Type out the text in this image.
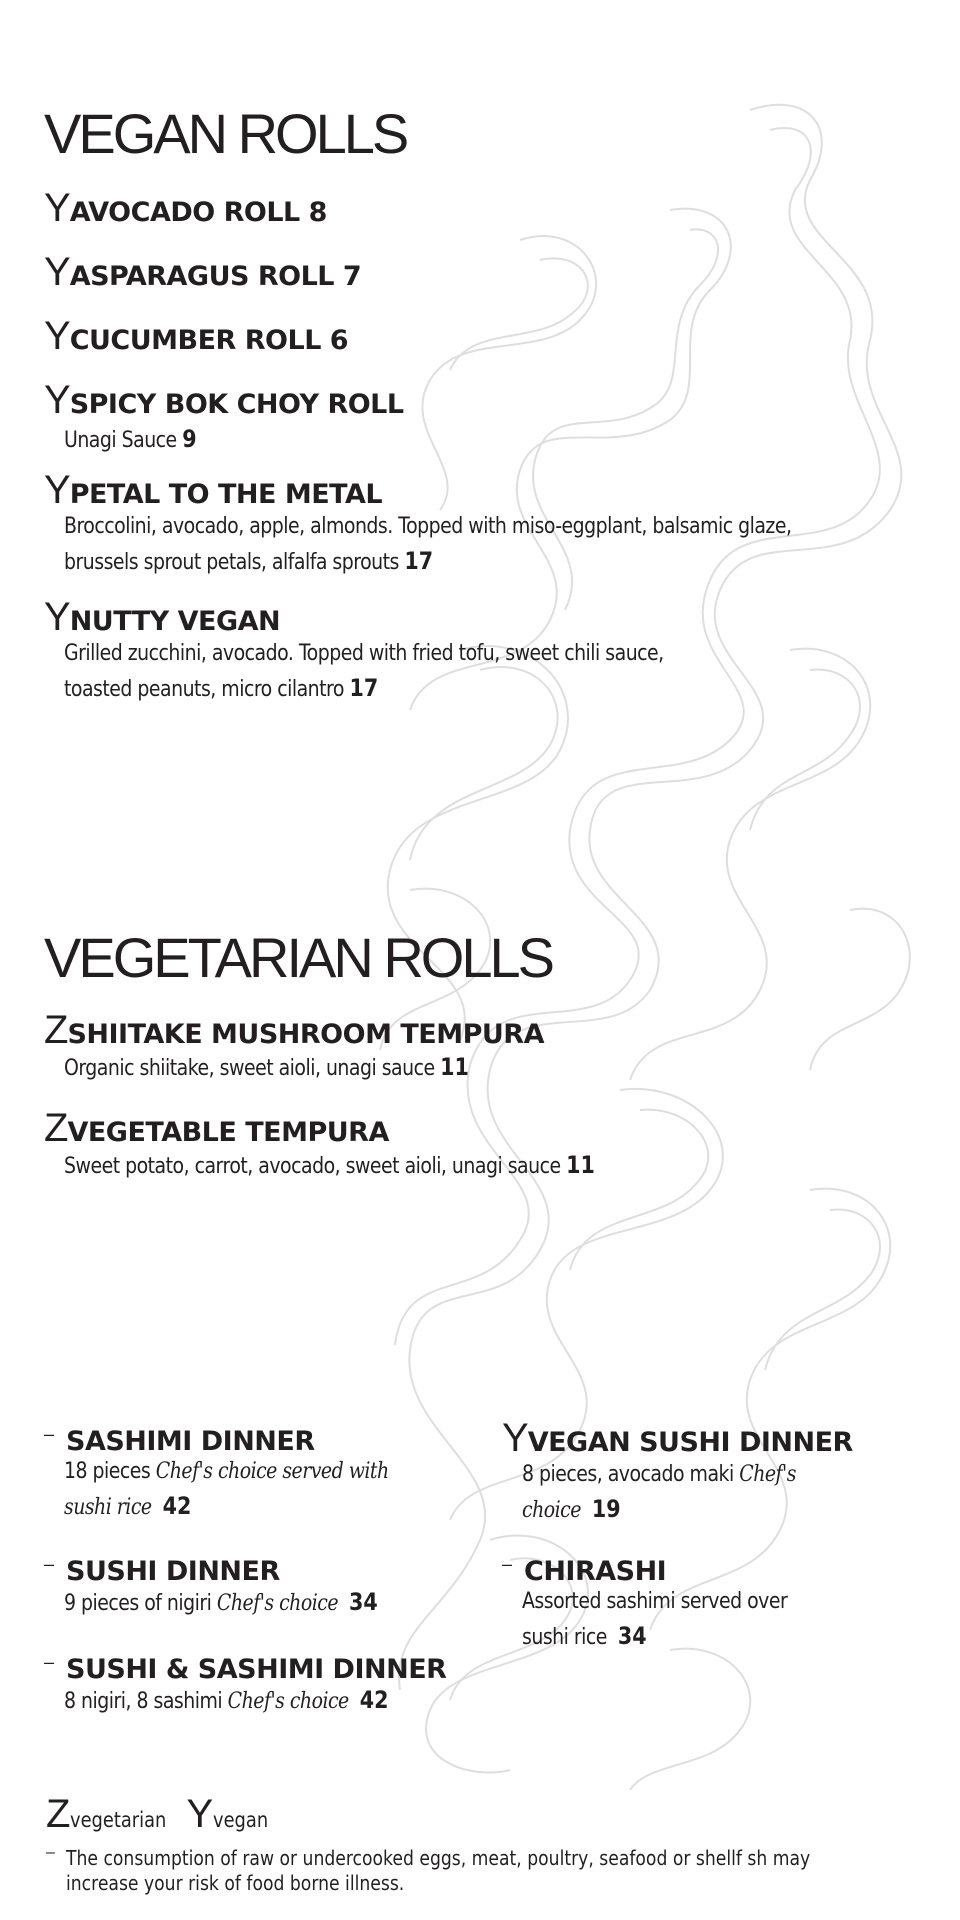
VEGAN ROLLS
Y AVOCADO ROLL 8
Y ASPARAGUS ROLL 7
Y CUCUMBER ROLL 6
Y SPICY BOK CHOY ROLL
Unagi Sauce 9
Y PETAL TO THE METAL
Broccolini, avocado, apple, almonds. Topped with miso-eggplant, balsamic glaze,
brussels sprout petals, alfalfa sprouts 17
Y NUTTY VEGAN
Grilled zucchini, avocado. Topped with fried tofu, sweet chili sauce,
toasted peanuts, micro cilantro 17
VEGETARIAN ROLLS
Z SHIITAKE MUSHROOM TEMPURA
Organic shiitake, sweet aioli, unagi sauce 11
Z VEGETABLE TEMPURA
Sweet potato, carrot, avocado, sweet aioli, unagi sauce 11
– SASHIMI DINNER
18 pieces Chef's choice served with
sushi rice 42
– SUSHI DINNER
9 pieces of nigiri Chef's choice 34
– SUSHI & SASHIMI DINNER
8 nigiri, 8 sashimi Chef's choice 42
Y VEGAN SUSHI DINNER
8 pieces, avocado maki Chef's
choice 19
– CHIRASHI
Assorted sashimi served over
sushi rice 34
Z vegetarian Y vegan
– The consumption of raw or undercooked eggs, meat, poultry, seafood or shellf sh may
increase your risk of food borne illness.
